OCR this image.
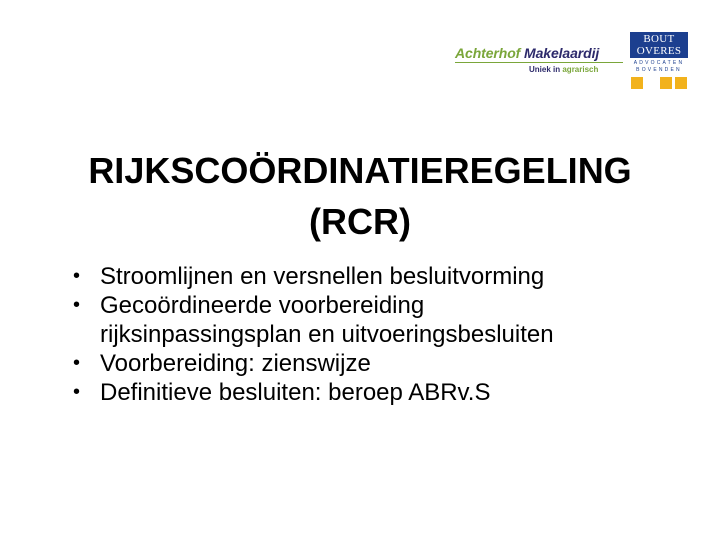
Achterhof Makelaardij
Uniek in agrarisch
BOUT
OVERES
ADVOCATEN
BOVENDEN
RIJKSCOÖRDINATIEREGELING
(RCR)
• Stroomlijnen en versnellen besluitvorming
• Gecoördineerde voorbereiding
rijksinpassingsplan en uitvoeringsbesluiten
• Voorbereiding: zienswijze
• Definitieve besluiten: beroep ABRv.S
